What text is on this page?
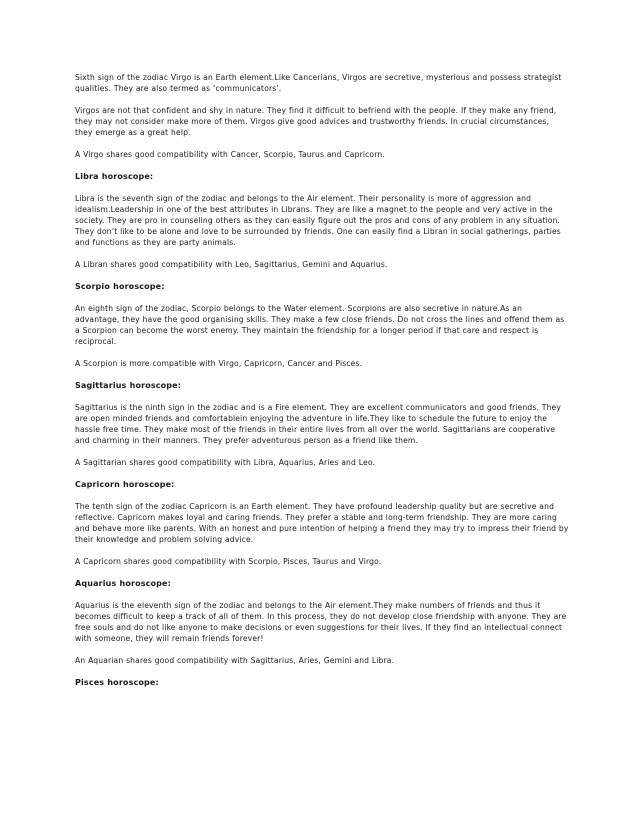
Sixth sign of the zodiac Virgo is an Earth element.Like Cancerians, Virgos are secretive, mysterious and possess strategist qualities. They are also termed as ‘communicators’.

Virgos are not that confident and shy in nature. They find it difficult to befriend with the people. If they make any friend, they may not consider make more of them. Virgos give good advices and trustworthy friends. In crucial circumstances, they emerge as a great help.

A Virgo shares good compatibility with Cancer, Scorpio, Taurus and Capricorn.

Libra horoscope:

Libra is the seventh sign of the zodiac and belongs to the Air element. Their personality is more of aggression and idealism.Leadership in one of the best attributes in Librans. They are like a magnet to the people and very active in the society. They are pro in counseling others as they can easily figure out the pros and cons of any problem in any situation. They don’t like to be alone and love to be surrounded by friends. One can easily find a Libran in social gatherings, parties and functions as they are party animals.

A Libran shares good compatibility with Leo, Sagittarius, Gemini and Aquarius.

Scorpio horoscope:

An eighth sign of the zodiac, Scorpio belongs to the Water element. Scorpions are also secretive in nature.As an advantage, they have the good organising skills. They make a few close friends. Do not cross the lines and offend them as a Scorpion can become the worst enemy. They maintain the friendship for a longer period if that care and respect is reciprocal.

A Scorpion is more compatible with Virgo, Capricorn, Cancer and Pisces.

Sagittarius horoscope:

Sagittarius is the ninth sign in the zodiac and is a Fire element. They are excellent communicators and good friends. They are open minded friends and comfortablein enjoying the adventure in life.They like to schedule the future to enjoy the hassle free time. They make most of the friends in their entire lives from all over the world. Sagittarians are cooperative and charming in their manners. They prefer adventurous person as a friend like them.

A Sagittarian shares good compatibility with Libra, Aquarius, Aries and Leo.

Capricorn horoscope:

The tenth sign of the zodiac Capricorn is an Earth element. They have profound leadership quality but are secretive and reflective. Capricorn makes loyal and caring friends. They prefer a stable and long-term friendship. They are more caring and behave more like parents. With an honest and pure intention of helping a friend they may try to impress their friend by their knowledge and problem solving advice.

A Capricorn shares good compatibility with Scorpio, Pisces, Taurus and Virgo.

Aquarius horoscope:

Aquarius is the eleventh sign of the zodiac and belongs to the Air element.They make numbers of friends and thus it becomes difficult to keep a track of all of them. In this process, they do not develop close friendship with anyone. They are free souls and do not like anyone to make decisions or even suggestions for their lives. If they find an intellectual connect with someone, they will remain friends forever!

An Aquarian shares good compatibility with Sagittarius, Aries, Gemini and Libra.

Pisces horoscope:
